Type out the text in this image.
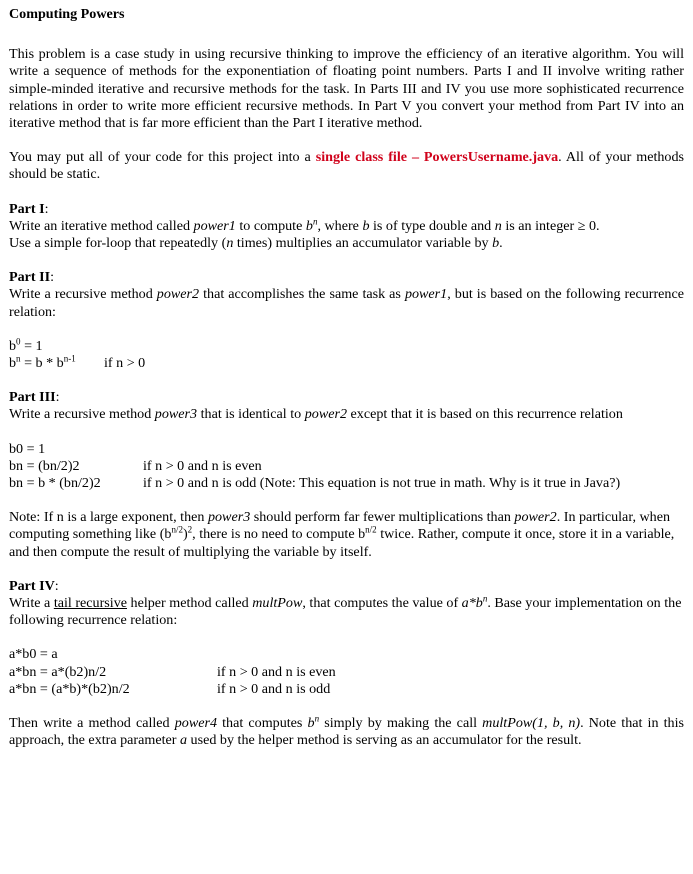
Computing Powers

This problem is a case study in using recursive thinking to improve the efficiency of an iterative algorithm. You will write a sequence of methods for the exponentiation of floating point numbers. Parts I and II involve writing rather simple-minded iterative and recursive methods for the task. In Parts III and IV you use more sophisticated recurrence relations in order to write more efficient recursive methods. In Part V you convert your method from Part IV into an iterative method that is far more efficient than the Part I iterative method.

You may put all of your code for this project into a single class file – PowersUsername.java. All of your methods should be static.

Part I:

Write an iterative method called power1 to compute $b^n$, where b is of type double and n is an integer ≥ 0.

Use a simple for-loop that repeatedly (n times) multiplies an accumulator variable by b.

Part II:

Write a recursive method power2 that accomplishes the same task as power1, but is based on the following recurrence relation:

$b^0 = 1$

$b^n = b * b^{n-1}$	if n > 0

Part III:

Write a recursive method power3 that is identical to power2 except that it is based on this recurrence relation

b0 = 1
bn = (bn/2)2	if n > 0 and n is even
bn = b * (bn/2)2	if n > 0 and n is odd (Note: This equation is not true in math. Why is it true in Java?)

Note: If n is a large exponent, then power3 should perform far fewer multiplications than power2. In particular, when computing something like $(b^{n/2})^2$, there is no need to compute $b^{n/2}$ twice. Rather, compute it once, store it in a variable, and then compute the result of multiplying the variable by itself.

Part IV:

Write a tail recursive helper method called multPow, that computes the value of $a*b^n$. Base your implementation on the following recurrence relation:

a*b0 = a
a*bn = a*(b2)n/2	if n > 0 and n is even
a*bn = (a*b)*(b2)n/2	if n > 0 and n is odd

Then write a method called power4 that computes $b^n$ simply by making the call multPow(1, b, n). Note that in this approach, the extra parameter a used by the helper method is serving as an accumulator for the result.
